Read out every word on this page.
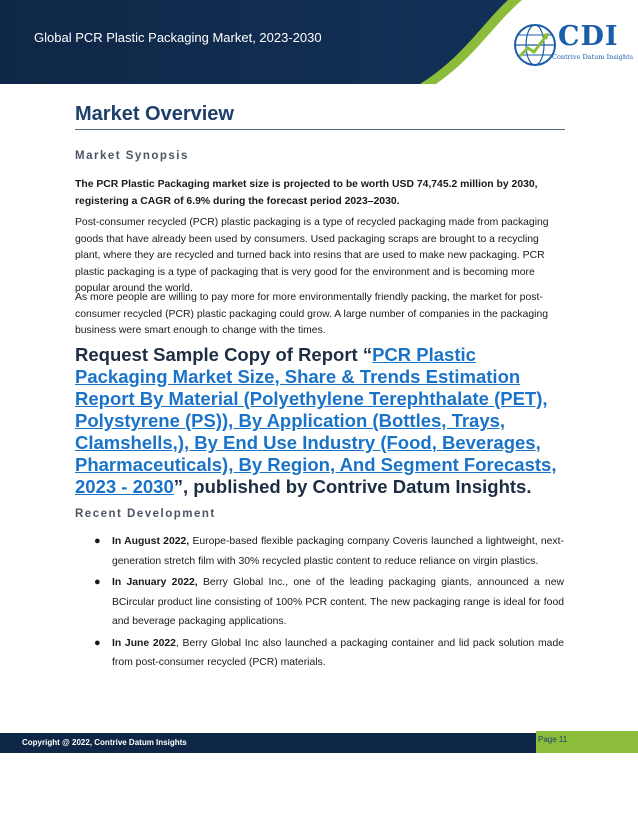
Global PCR Plastic Packaging Market, 2023-2030	CDI
Contrive Datum Insights
Market Overview
Market Synopsis
The PCR Plastic Packaging market size is projected to be worth USD 74,745.2 million by 2030, registering a CAGR of 6.9% during the forecast period 2023–2030.
Post-consumer recycled (PCR) plastic packaging is a type of recycled packaging made from packaging goods that have already been used by consumers. Used packaging scraps are brought to a recycling plant, where they are recycled and turned back into resins that are used to make new packaging. PCR plastic packaging is a type of packaging that is very good for the environment and is becoming more popular around the world.
As more people are willing to pay more for more environmentally friendly packing, the market for post-consumer recycled (PCR) plastic packaging could grow. A large number of companies in the packaging business were smart enough to change with the times.
Request Sample Copy of Report “PCR Plastic Packaging Market Size, Share & Trends Estimation Report By Material (Polyethylene Terephthalate (PET), Polystyrene (PS)), By Application (Bottles, Trays, Clamshells,), By End Use Industry (Food, Beverages, Pharmaceuticals), By Region, And Segment Forecasts, 2023 - 2030”, published by Contrive Datum Insights.
Recent Development
● In August 2022, Europe-based flexible packaging company Coveris launched a lightweight, next-generation stretch film with 30% recycled plastic content to reduce reliance on virgin plastics.
● In January 2022, Berry Global Inc., one of the leading packaging giants, announced a new BCircular product line consisting of 100% PCR content. The new packaging range is ideal for food and beverage packaging applications.
● In June 2022, Berry Global Inc also launched a packaging container and lid pack solution made from post-consumer recycled (PCR) materials.
Copyright @ 2022, Contrive Datum Insights	Page 11
